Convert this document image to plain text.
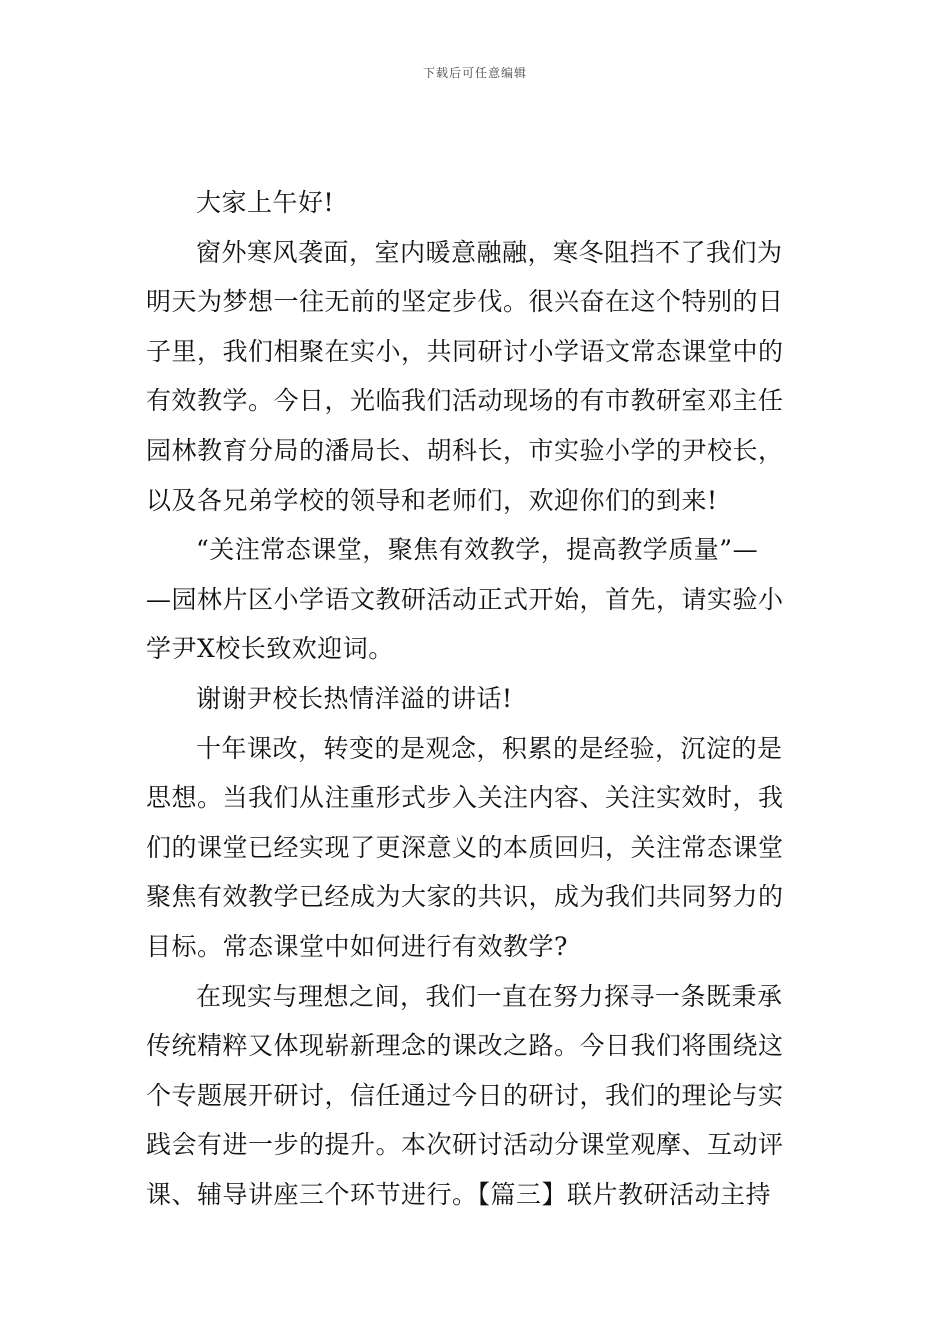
下载后可任意编辑
大家上午好!
窗外寒风袭面，室内暖意融融，寒冬阻挡不了我们为
明天为梦想一往无前的坚定步伐。很兴奋在这个特别的日
子里，我们相聚在实小，共同研讨小学语文常态课堂中的
有效教学。今日，光临我们活动现场的有市教研室邓主任
园林教育分局的潘局长、胡科长，市实验小学的尹校长，
以及各兄弟学校的领导和老师们，欢迎你们的到来!
“关注常态课堂，聚焦有效教学，提高教学质量”—
—园林片区小学语文教研活动正式开始，首先，请实验小
学尹X校长致欢迎词。
谢谢尹校长热情洋溢的讲话!
十年课改，转变的是观念，积累的是经验，沉淀的是
思想。当我们从注重形式步入关注内容、关注实效时，我
们的课堂已经实现了更深意义的本质回归，关注常态课堂
聚焦有效教学已经成为大家的共识，成为我们共同努力的
目标。常态课堂中如何进行有效教学?
在现实与理想之间，我们一直在努力探寻一条既秉承
传统精粹又体现崭新理念的课改之路。今日我们将围绕这
个专题展开研讨，信任通过今日的研讨，我们的理论与实
践会有进一步的提升。本次研讨活动分课堂观摩、互动评
课、辅导讲座三个环节进行。【篇三】联片教研活动主持
